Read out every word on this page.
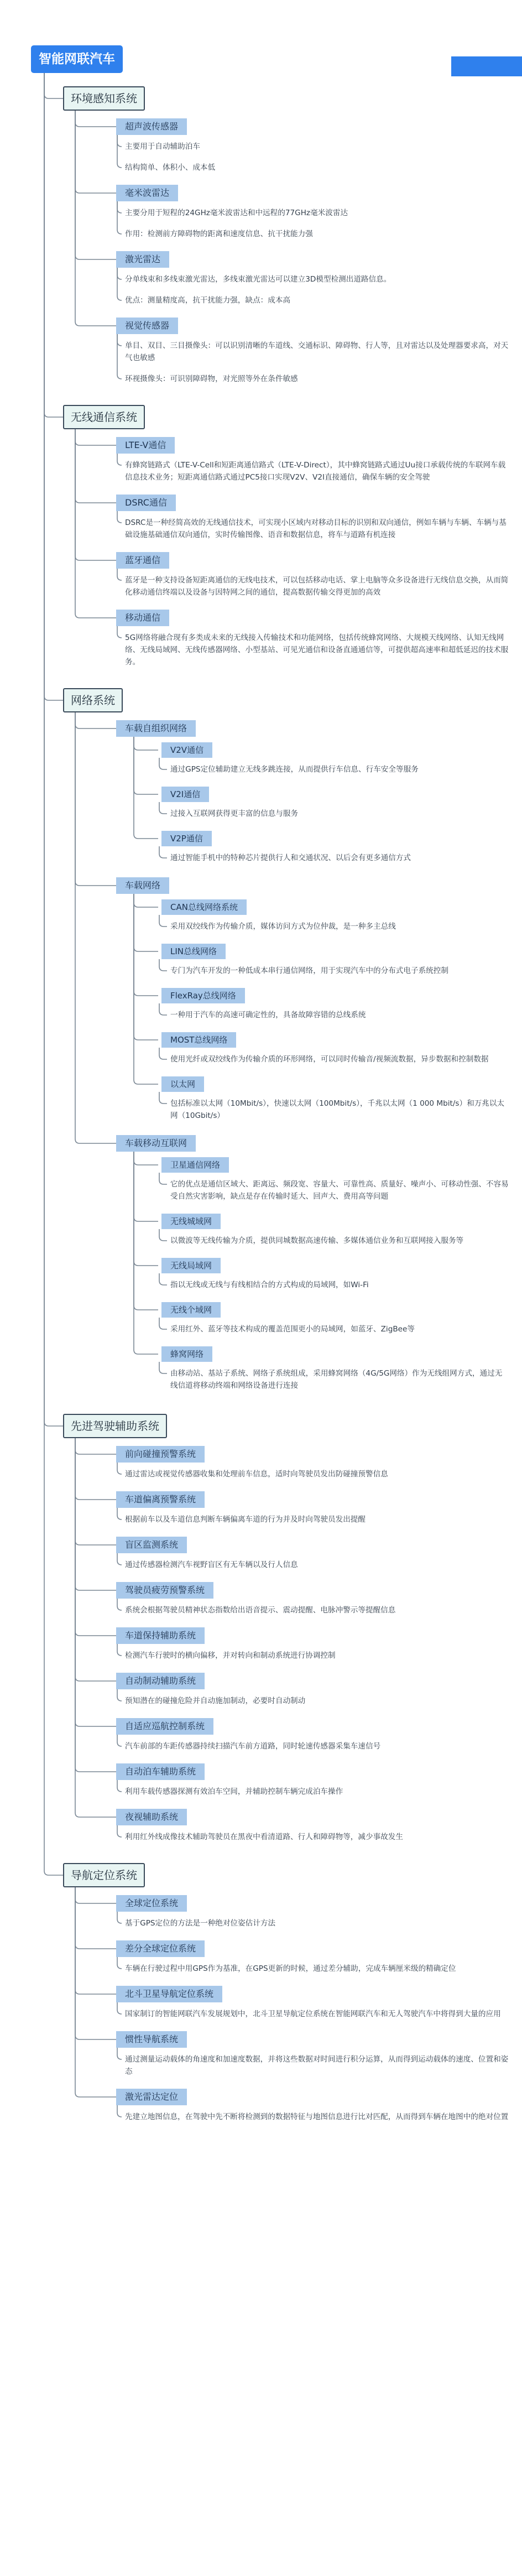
智能网联汽车
环境感知系统
超声波传感器
主要用于自动辅助泊车
结构简单、体积小、成本低
毫米波雷达
主要分用于短程的24GHz毫米波雷达和中远程的77GHz毫米波雷达
作用：检测前方障碍物的距离和速度信息、抗干扰能力强
激光雷达
分单线束和多线束激光雷达，多线束激光雷达可以建立3D模型检测出道路信息。
优点：测量精度高，抗干扰能力强，缺点：成本高
视觉传感器
单目、双目、三目摄像头：可以识别清晰的车道线、交通标识、障碍物、行人等，且对雷达以及处理器要求高，对天气也敏感
环视摄像头：可识别障碍物，对光照等外在条件敏感
无线通信系统
LTE-V通信
有蜂窝链路式（LTE-V-Cell和短距离通信路式（LTE-V-Direct），其中蜂窝链路式通过Uu接口承载传统的车联网车载信息技术业务；短距离通信路式通过PC5接口实现V2V、V2I直接通信，确保车辆的安全驾驶
DSRC通信
DSRC是一种经简高效的无线通信技术，可实现小区域内对移动目标的识别和双向通信，例如车辆与车辆、车辆与基础设施基础通信双向通信，实时传输图像、语音和数据信息，将车与道路有机连接
蓝牙通信
蓝牙是一种支持设备短距离通信的无线电技术，可以包括移动电话、掌上电脑等众多设备进行无线信息交换，从而简化移动通信终端以及设备与因特网之间的通信，提高数据传输交得更加的高效
移动通信
5G网络将融合现有多类成未来的无线接入传输技术和功能网络，包括传统蜂窝网络、大规模天线网络、认知无线网络、无线局域网、无线传感器网络、小型基站、可见光通信和设备直通通信等，可提供超高速率和超低延迟的技术服务。
网络系统
车载自组织网络
V2V通信
通过GPS定位辅助建立无线多跳连接，从而提供行车信息、行车安全等服务
V2I通信
过接入互联网获得更丰富的信息与服务
V2P通信
通过智能手机中的特种芯片提供行人和交通状况、以后会有更多通信方式
车载网络
CAN总线网络系统
采用双绞线作为传输介质，媒体访问方式为位仲裁，是一种多主总线
LIN总线网络
专门为汽车开发的一种低成本串行通信网络，用于实现汽车中的分布式电子系统控制
FlexRay总线网络
一种用于汽车的高速可确定性的，具备故障容错的总线系统
MOST总线网络
使用光纤或双绞线作为传输介质的环形网络，可以同时传输音/视频流数据，异步数据和控制数据
以太网
包括标准以太网（10Mbit/s），快速以太网（100Mbit/s），千兆以太网（1 000 Mbit/s）和万兆以太网（10Gbit/s）
车载移动互联网
卫星通信网络
它的优点是通信区域大、距离远、频段宽、容量大、可靠性高、质量好、噪声小、可移动性强、不容易受自然灾害影响，缺点是存在传输时延大、回声大、费用高等问题
无线城域网
以微波等无线传输为介质，提供同城数据高速传输、多媒体通信业务和互联网接入服务等
无线局域网
指以无线或无线与有线相结合的方式构成的局域网，如Wi-Fi
无线个域网
采用红外、蓝牙等技术构成的覆盖范围更小的局域网，如蓝牙、ZigBee等
蜂窝网络
由移动站、基站子系统、网络子系统组成，采用蜂窝网络（4G/5G网络）作为无线组网方式，通过无线信道将移动终端和网络设备进行连接
先进驾驶辅助系统
前向碰撞预警系统
通过雷达或视觉传感器收集和处理前车信息，适时向驾驶员发出防碰撞预警信息
车道偏离预警系统
根据前车以及车道信息判断车辆偏离车道的行为并及时向驾驶员发出提醒
盲区监测系统
通过传感器检测汽车视野盲区有无车辆以及行人信息
驾驶员疲劳预警系统
系统会根据驾驶员精神状态指数给出语音提示、震动提醒、电脉冲警示等提醒信息
车道保持辅助系统
检测汽车行驶时的横向偏移，并对转向和制动系统进行协调控制
自动制动辅助系统
预知潜在的碰撞危险并自动施加制动，必要时自动制动
自适应巡航控制系统
汽车前部的车距传感器持续扫描汽车前方道路，同时轮速传感器采集车速信号
自动泊车辅助系统
利用车载传感器探测有效泊车空间，并辅助控制车辆完成泊车操作
夜视辅助系统
利用红外线成像技术辅助驾驶员在黑夜中看清道路、行人和障碍物等，减少事故发生
导航定位系统
全球定位系统
基于GPS定位的方法是一种绝对位姿估计方法
差分全球定位系统
车辆在行驶过程中用GPS作为基准，在GPS更新的时候，通过差分辅助，完成车辆厘米级的精确定位
北斗卫星导航定位系统
国家制订的智能网联汽车发展规划中，北斗卫星导航定位系统在智能网联汽车和无人驾驶汽车中将得到大量的应用
惯性导航系统
通过测量运动载体的角速度和加速度数据，并将这些数据对时间进行积分运算，从而得到运动载体的速度、位置和姿态
激光雷达定位
先建立地图信息，在驾驶中先不断将检测到的数据特征与地图信息进行比对匹配，从而得到车辆在地图中的绝对位置
